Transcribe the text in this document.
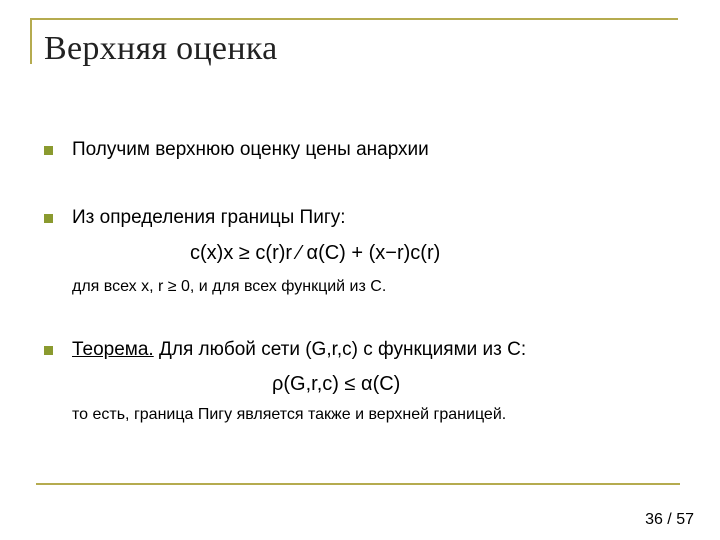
Верхняя оценка
Получим верхнюю оценку цены анархии
Из определения границы Пигу:
c(x)x ≥ c(r)r ⁄ α(C) + (x−r)c(r)
для всех x, r ≥ 0, и для всех функций из C.
Теорема. Для любой сети (G,r,c) с функциями из C:
ρ(G,r,c) ≤ α(C)
то есть, граница Пигу является также и верхней границей.
36 / 57
